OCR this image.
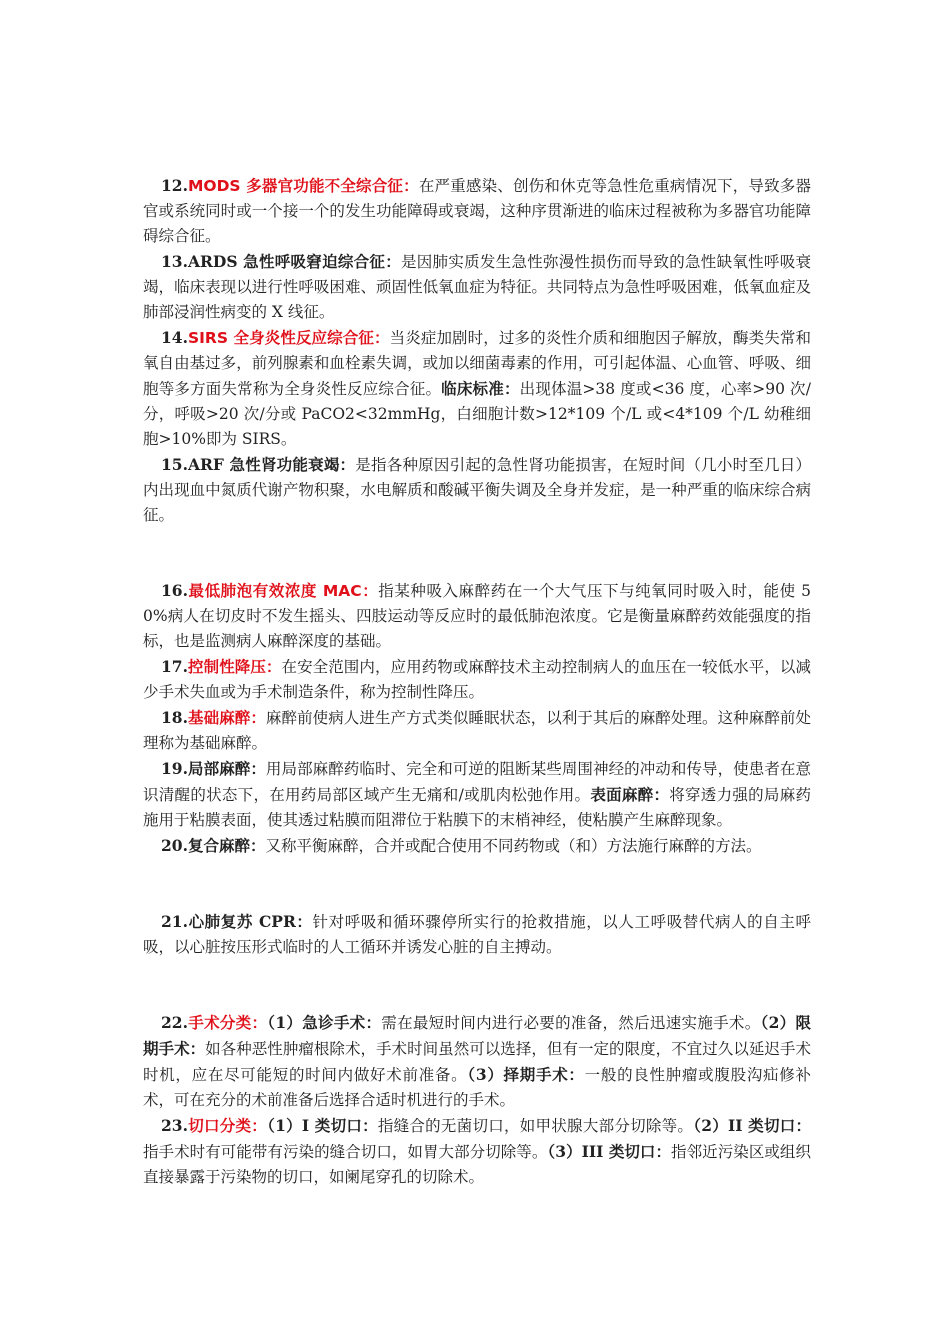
12.MODS 多器官功能不全综合征：在严重感染、创伤和休克等急性危重病情况下，导致多器官或系统同时或一个接一个的发生功能障碍或衰竭，这种序贯渐进的临床过程被称为多器官功能障碍综合征。

13.ARDS 急性呼吸窘迫综合征：是因肺实质发生急性弥漫性损伤而导致的急性缺氧性呼吸衰竭，临床表现以进行性呼吸困难、顽固性低氧血症为特征。共同特点为急性呼吸困难，低氧血症及肺部浸润性病变的 X 线征。

14.SIRS 全身炎性反应综合征：当炎症加剧时，过多的炎性介质和细胞因子解放，酶类失常和氧自由基过多，前列腺素和血栓素失调，或加以细菌毒素的作用，可引起体温、心血管、呼吸、细胞等多方面失常称为全身炎性反应综合征。临床标准：出现体温>38 度或<36 度，心率>90 次/分，呼吸>20 次/分或 PaCO2<32mmHg，白细胞计数>12*109 个/L 或<4*109 个/L 幼稚细胞>10%即为 SIRS。

15.ARF 急性肾功能衰竭：是指各种原因引起的急性肾功能损害，在短时间（几小时至几日）内出现血中氮质代谢产物积聚，水电解质和酸碱平衡失调及全身并发症，是一种严重的临床综合病征。

16.最低肺泡有效浓度 MAC：指某种吸入麻醉药在一个大气压下与纯氧同时吸入时，能使 50%病人在切皮时不发生摇头、四肢运动等反应时的最低肺泡浓度。它是衡量麻醉药效能强度的指标，也是监测病人麻醉深度的基础。

17.控制性降压：在安全范围内，应用药物或麻醉技术主动控制病人的血压在一较低水平，以减少手术失血或为手术制造条件，称为控制性降压。

18.基础麻醉：麻醉前使病人进生产方式类似睡眠状态，以利于其后的麻醉处理。这种麻醉前处理称为基础麻醉。

19.局部麻醉：用局部麻醉药临时、完全和可逆的阻断某些周围神经的冲动和传导，使患者在意识清醒的状态下，在用药局部区域产生无痛和/或肌肉松弛作用。表面麻醉：将穿透力强的局麻药施用于粘膜表面，使其透过粘膜而阻滞位于粘膜下的末梢神经，使粘膜产生麻醉现象。

20.复合麻醉：又称平衡麻醉，合并或配合使用不同药物或（和）方法施行麻醉的方法。

21.心肺复苏 CPR：针对呼吸和循环骤停所实行的抢救措施，以人工呼吸替代病人的自主呼吸，以心脏按压形式临时的人工循环并诱发心脏的自主搏动。

22.手术分类：（1）急诊手术：需在最短时间内进行必要的准备，然后迅速实施手术。（2）限期手术：如各种恶性肿瘤根除术，手术时间虽然可以选择，但有一定的限度，不宜过久以延迟手术时机，应在尽可能短的时间内做好术前准备。（3）择期手术：一般的良性肿瘤或腹股沟疝修补术，可在充分的术前准备后选择合适时机进行的手术。

23.切口分类：（1）I 类切口：指缝合的无菌切口，如甲状腺大部分切除等。（2）II 类切口：指手术时有可能带有污染的缝合切口，如胃大部分切除等。（3）III 类切口：指邻近污染区或组织直接暴露于污染物的切口，如阑尾穿孔的切除术。
